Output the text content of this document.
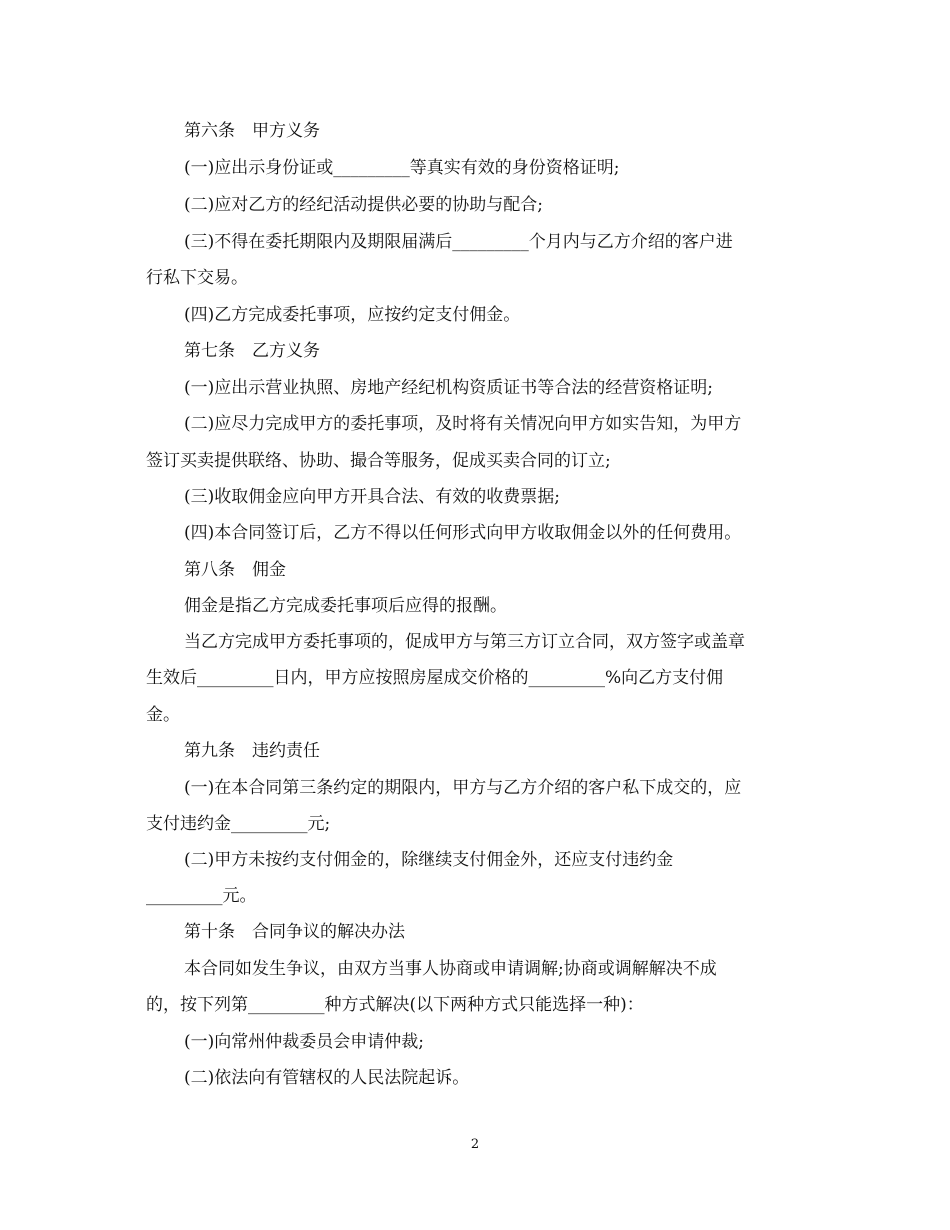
第六条　甲方义务
(一)应出示身份证或_________等真实有效的身份资格证明;
(二)应对乙方的经纪活动提供必要的协助与配合;
(三)不得在委托期限内及期限届满后_________个月内与乙方介绍的客户进
行私下交易。
(四)乙方完成委托事项，应按约定支付佣金。
第七条　乙方义务
(一)应出示营业执照、房地产经纪机构资质证书等合法的经营资格证明;
(二)应尽力完成甲方的委托事项，及时将有关情况向甲方如实告知，为甲方
签订买卖提供联络、协助、撮合等服务，促成买卖合同的订立;
(三)收取佣金应向甲方开具合法、有效的收费票据;
(四)本合同签订后，乙方不得以任何形式向甲方收取佣金以外的任何费用。
第八条　佣金
佣金是指乙方完成委托事项后应得的报酬。
当乙方完成甲方委托事项的，促成甲方与第三方订立合同，双方签字或盖章
生效后_________日内，甲方应按照房屋成交价格的_________%向乙方支付佣
金。
第九条　违约责任
(一)在本合同第三条约定的期限内，甲方与乙方介绍的客户私下成交的，应
支付违约金_________元;
(二)甲方未按约支付佣金的，除继续支付佣金外，还应支付违约金
_________元。
第十条　合同争议的解决办法
本合同如发生争议，由双方当事人协商或申请调解;协商或调解解决不成
的，按下列第_________种方式解决(以下两种方式只能选择一种)：
(一)向常州仲裁委员会申请仲裁;
(二)依法向有管辖权的人民法院起诉。
2
